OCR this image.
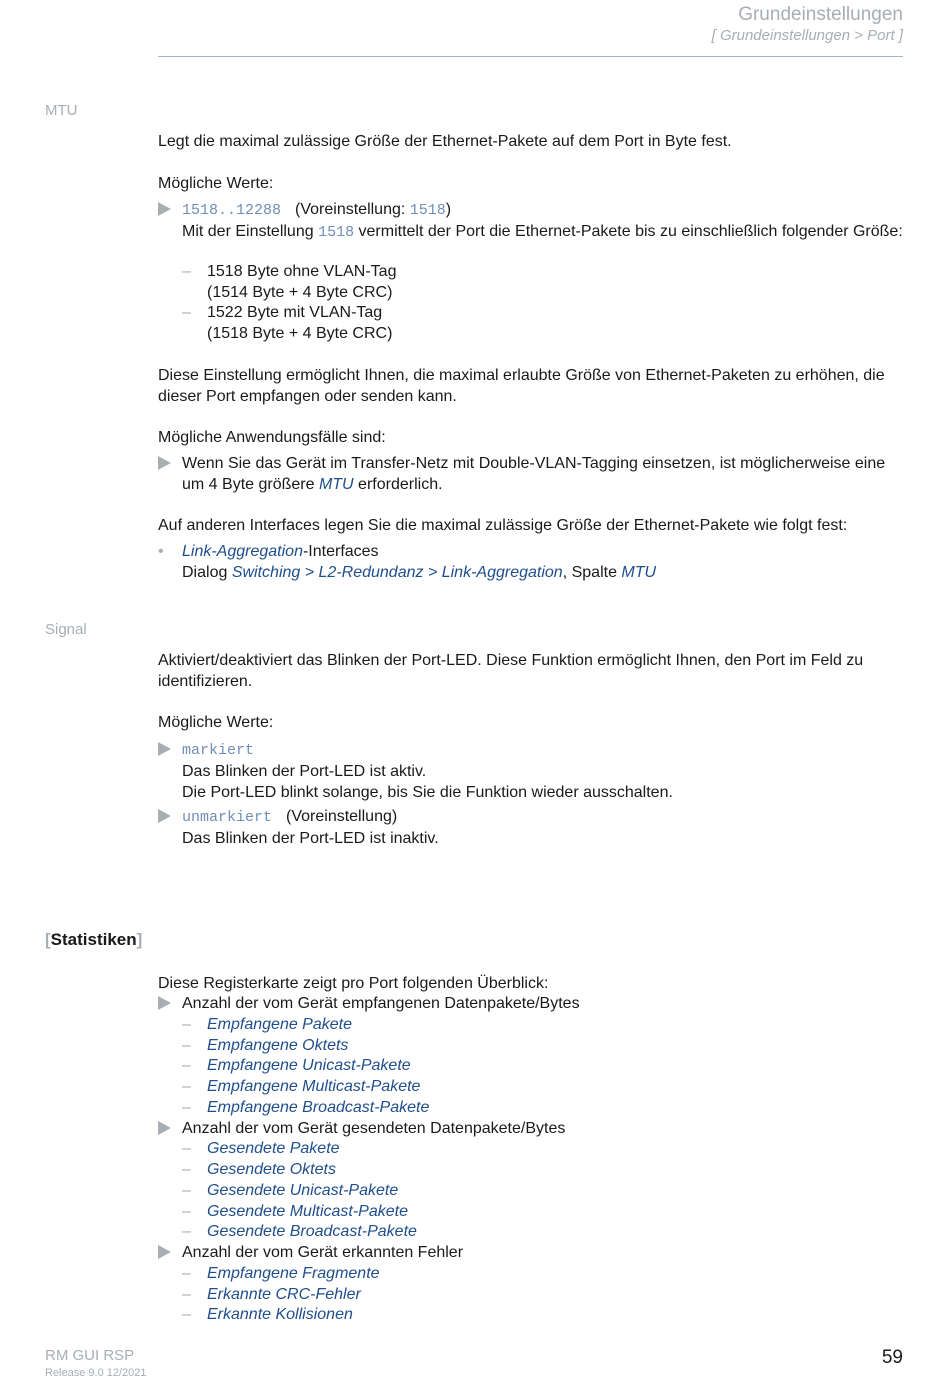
Grundeinstellungen
[ Grundeinstellungen > Port ]
MTU
Legt die maximal zulässige Größe der Ethernet-Pakete auf dem Port in Byte fest.
Mögliche Werte:
1518..12288 (Voreinstellung: 1518)
Mit der Einstellung 1518 vermittelt der Port die Ethernet-Pakete bis zu einschließlich folgender Größe:
– 1518 Byte ohne VLAN-Tag
(1514 Byte + 4 Byte CRC)
– 1522 Byte mit VLAN-Tag
(1518 Byte + 4 Byte CRC)
Diese Einstellung ermöglicht Ihnen, die maximal erlaubte Größe von Ethernet-Paketen zu erhöhen, die dieser Port empfangen oder senden kann.
Mögliche Anwendungsfälle sind:
Wenn Sie das Gerät im Transfer-Netz mit Double-VLAN-Tagging einsetzen, ist möglicherweise eine um 4 Byte größere MTU erforderlich.
Auf anderen Interfaces legen Sie die maximal zulässige Größe der Ethernet-Pakete wie folgt fest:
• Link-Aggregation-Interfaces
Dialog Switching > L2-Redundanz > Link-Aggregation, Spalte MTU
Signal
Aktiviert/deaktiviert das Blinken der Port-LED. Diese Funktion ermöglicht Ihnen, den Port im Feld zu identifizieren.
Mögliche Werte:
markiert
Das Blinken der Port-LED ist aktiv.
Die Port-LED blinkt solange, bis Sie die Funktion wieder ausschalten.
unmarkiert (Voreinstellung)
Das Blinken der Port-LED ist inaktiv.
[Statistiken]
Diese Registerkarte zeigt pro Port folgenden Überblick:
Anzahl der vom Gerät empfangenen Datenpakete/Bytes
– Empfangene Pakete
– Empfangene Oktets
– Empfangene Unicast-Pakete
– Empfangene Multicast-Pakete
– Empfangene Broadcast-Pakete
Anzahl der vom Gerät gesendeten Datenpakete/Bytes
– Gesendete Pakete
– Gesendete Oktets
– Gesendete Unicast-Pakete
– Gesendete Multicast-Pakete
– Gesendete Broadcast-Pakete
Anzahl der vom Gerät erkannten Fehler
– Empfangene Fragmente
– Erkannte CRC-Fehler
– Erkannte Kollisionen
RM GUI RSP
Release 9.0 12/2021
59
